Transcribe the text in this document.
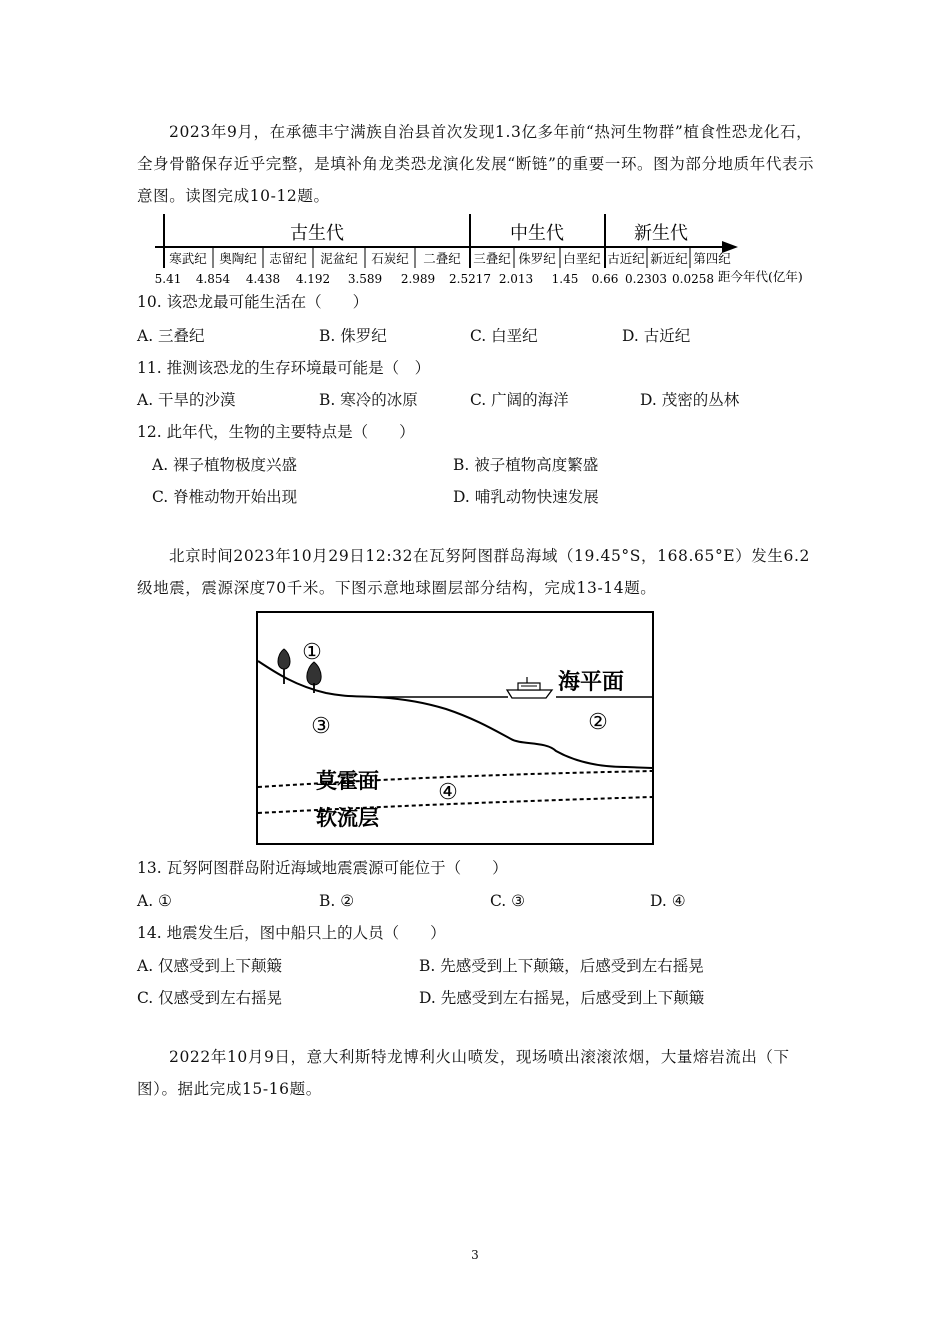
2023年9月，在承德丰宁满族自治县首次发现1.3亿多年前“热河生物群”植食性恐龙化石，全身骨骼保存近乎完整，是填补角龙类恐龙演化发展“断链”的重要一环。图为部分地质年代表示意图。读图完成10-12题。
古生代	中生代	新生代
寒武纪 奥陶纪 志留纪 泥盆纪 石炭纪 二叠纪 三叠纪 侏罗纪 白垩纪 古近纪 新近纪 第四纪
5.41 4.854 4.438 4.192 3.589 2.989 2.5217 2.013 1.45 0.66 0.2303 0.0258 距今年代(亿年)
10. 该恐龙最可能生活在（　　）
A. 三叠纪	B. 侏罗纪	C. 白垩纪	D. 古近纪
11. 推测该恐龙的生存环境最可能是（　）
A. 干旱的沙漠	B. 寒冷的冰原	C. 广阔的海洋	D. 茂密的丛林
12. 此年代，生物的主要特点是（　　）
A. 裸子植物极度兴盛	B. 被子植物高度繁盛
C. 脊椎动物开始出现	D. 哺乳动物快速发展
北京时间2023年10月29日12:32在瓦努阿图群岛海域（19.45°S，168.65°E）发生6.2级地震，震源深度70千米。下图示意地球圈层部分结构，完成13-14题。
①
②
③
④
海平面
莫霍面
软流层
13. 瓦努阿图群岛附近海域地震震源可能位于（　　）
A. ①	B. ②	C. ③	D. ④
14. 地震发生后，图中船只上的人员（　　）
A. 仅感受到上下颠簸	B. 先感受到上下颠簸，后感受到左右摇晃
C. 仅感受到左右摇晃	D. 先感受到左右摇晃，后感受到上下颠簸
2022年10月9日，意大利斯特龙博利火山喷发，现场喷出滚滚浓烟，大量熔岩流出（下图）。据此完成15-16题。
3
